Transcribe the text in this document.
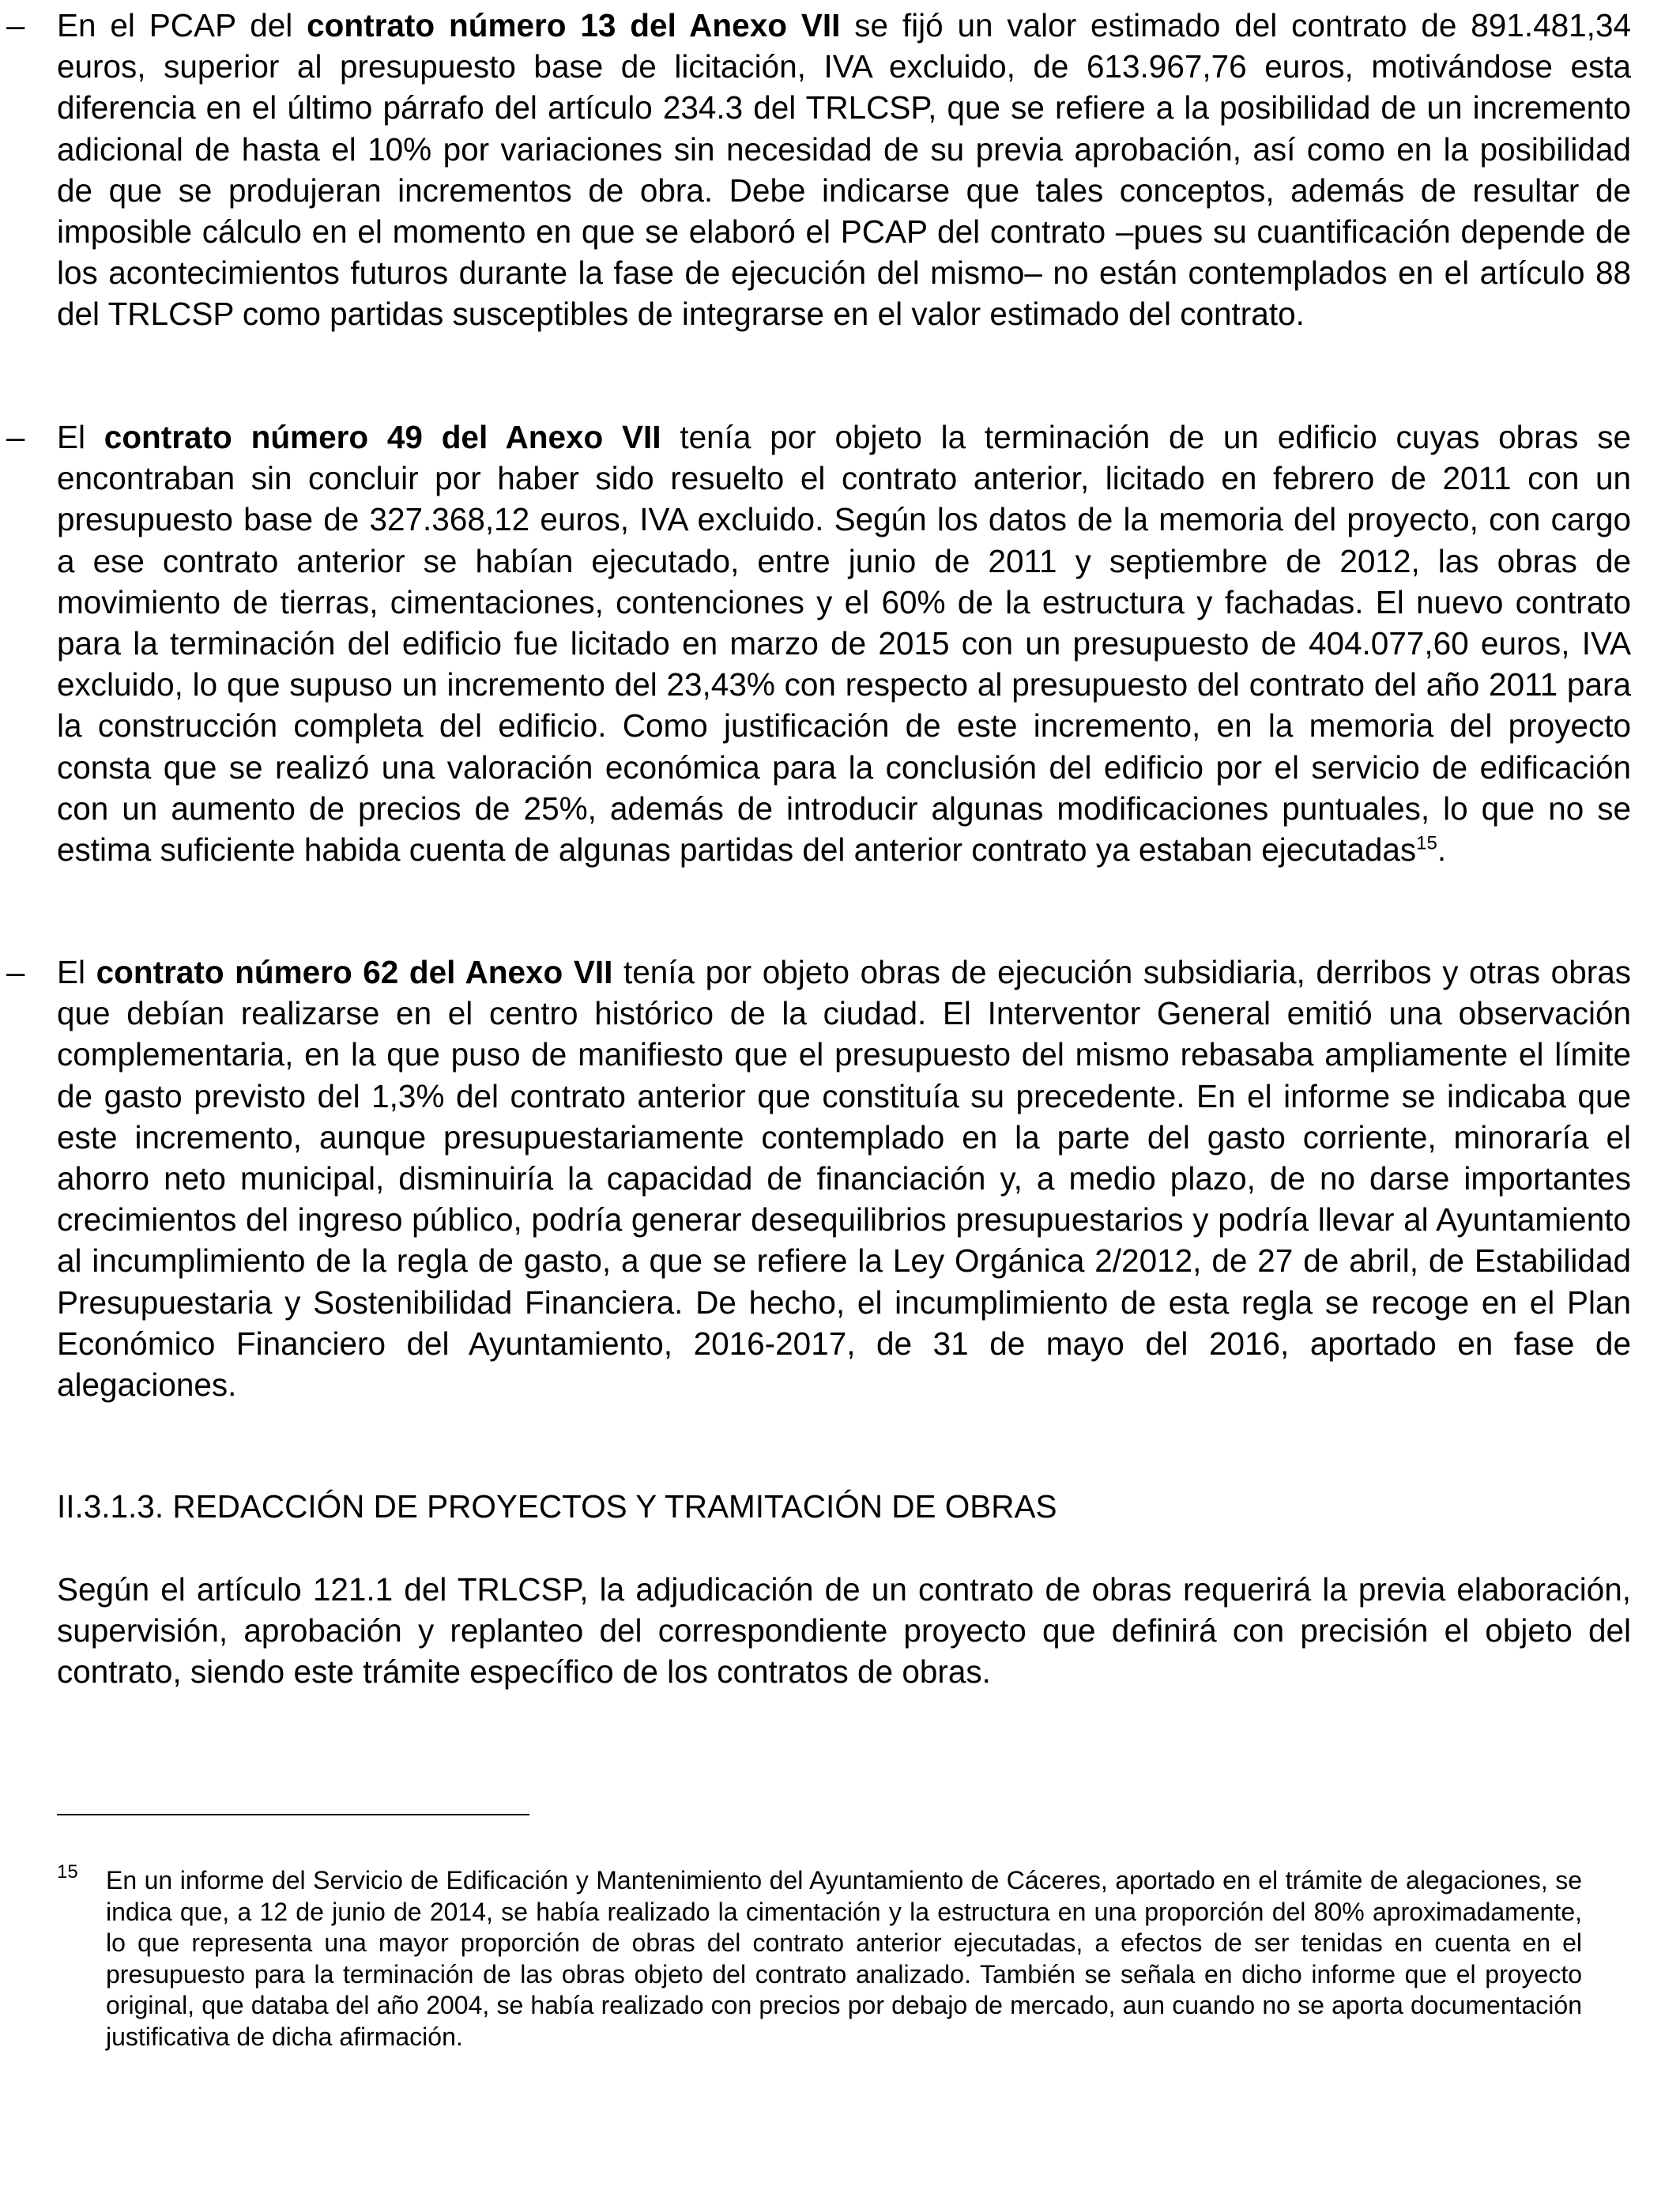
– En el PCAP del contrato número 13 del Anexo VII se fijó un valor estimado del contrato de 891.481,34 euros, superior al presupuesto base de licitación, IVA excluido, de 613.967,76 euros, motivándose esta diferencia en el último párrafo del artículo 234.3 del TRLCSP, que se refiere a la posibilidad de un incremento adicional de hasta el 10% por variaciones sin necesidad de su previa aprobación, así como en la posibilidad de que se produjeran incrementos de obra. Debe indicarse que tales conceptos, además de resultar de imposible cálculo en el momento en que se elaboró el PCAP del contrato –pues su cuantificación depende de los acontecimientos futuros durante la fase de ejecución del mismo– no están contemplados en el artículo 88 del TRLCSP como partidas susceptibles de integrarse en el valor estimado del contrato.

– El contrato número 49 del Anexo VII tenía por objeto la terminación de un edificio cuyas obras se encontraban sin concluir por haber sido resuelto el contrato anterior, licitado en febrero de 2011 con un presupuesto base de 327.368,12 euros, IVA excluido. Según los datos de la memoria del proyecto, con cargo a ese contrato anterior se habían ejecutado, entre junio de 2011 y septiembre de 2012, las obras de movimiento de tierras, cimentaciones, contenciones y el 60% de la estructura y fachadas. El nuevo contrato para la terminación del edificio fue licitado en marzo de 2015 con un presupuesto de 404.077,60 euros, IVA excluido, lo que supuso un incremento del 23,43% con respecto al presupuesto del contrato del año 2011 para la construcción completa del edificio. Como justificación de este incremento, en la memoria del proyecto consta que se realizó una valoración económica para la conclusión del edificio por el servicio de edificación con un aumento de precios de 25%, además de introducir algunas modificaciones puntuales, lo que no se estima suficiente habida cuenta de algunas partidas del anterior contrato ya estaban ejecutadas$^{15}$.

– El contrato número 62 del Anexo VII tenía por objeto obras de ejecución subsidiaria, derribos y otras obras que debían realizarse en el centro histórico de la ciudad. El Interventor General emitió una observación complementaria, en la que puso de manifiesto que el presupuesto del mismo rebasaba ampliamente el límite de gasto previsto del 1,3% del contrato anterior que constituía su precedente. En el informe se indicaba que este incremento, aunque presupuestariamente contemplado en la parte del gasto corriente, minoraría el ahorro neto municipal, disminuiría la capacidad de financiación y, a medio plazo, de no darse importantes crecimientos del ingreso público, podría generar desequilibrios presupuestarios y podría llevar al Ayuntamiento al incumplimiento de la regla de gasto, a que se refiere la Ley Orgánica 2/2012, de 27 de abril, de Estabilidad Presupuestaria y Sostenibilidad Financiera. De hecho, el incumplimiento de esta regla se recoge en el Plan Económico Financiero del Ayuntamiento, 2016-2017, de 31 de mayo del 2016, aportado en fase de alegaciones.

II.3.1.3. REDACCIÓN DE PROYECTOS Y TRAMITACIÓN DE OBRAS

Según el artículo 121.1 del TRLCSP, la adjudicación de un contrato de obras requerirá la previa elaboración, supervisión, aprobación y replanteo del correspondiente proyecto que definirá con precisión el objeto del contrato, siendo este trámite específico de los contratos de obras.

15 En un informe del Servicio de Edificación y Mantenimiento del Ayuntamiento de Cáceres, aportado en el trámite de alegaciones, se indica que, a 12 de junio de 2014, se había realizado la cimentación y la estructura en una proporción del 80% aproximadamente, lo que representa una mayor proporción de obras del contrato anterior ejecutadas, a efectos de ser tenidas en cuenta en el presupuesto para la terminación de las obras objeto del contrato analizado. También se señala en dicho informe que el proyecto original, que databa del año 2004, se había realizado con precios por debajo de mercado, aun cuando no se aporta documentación justificativa de dicha afirmación.
